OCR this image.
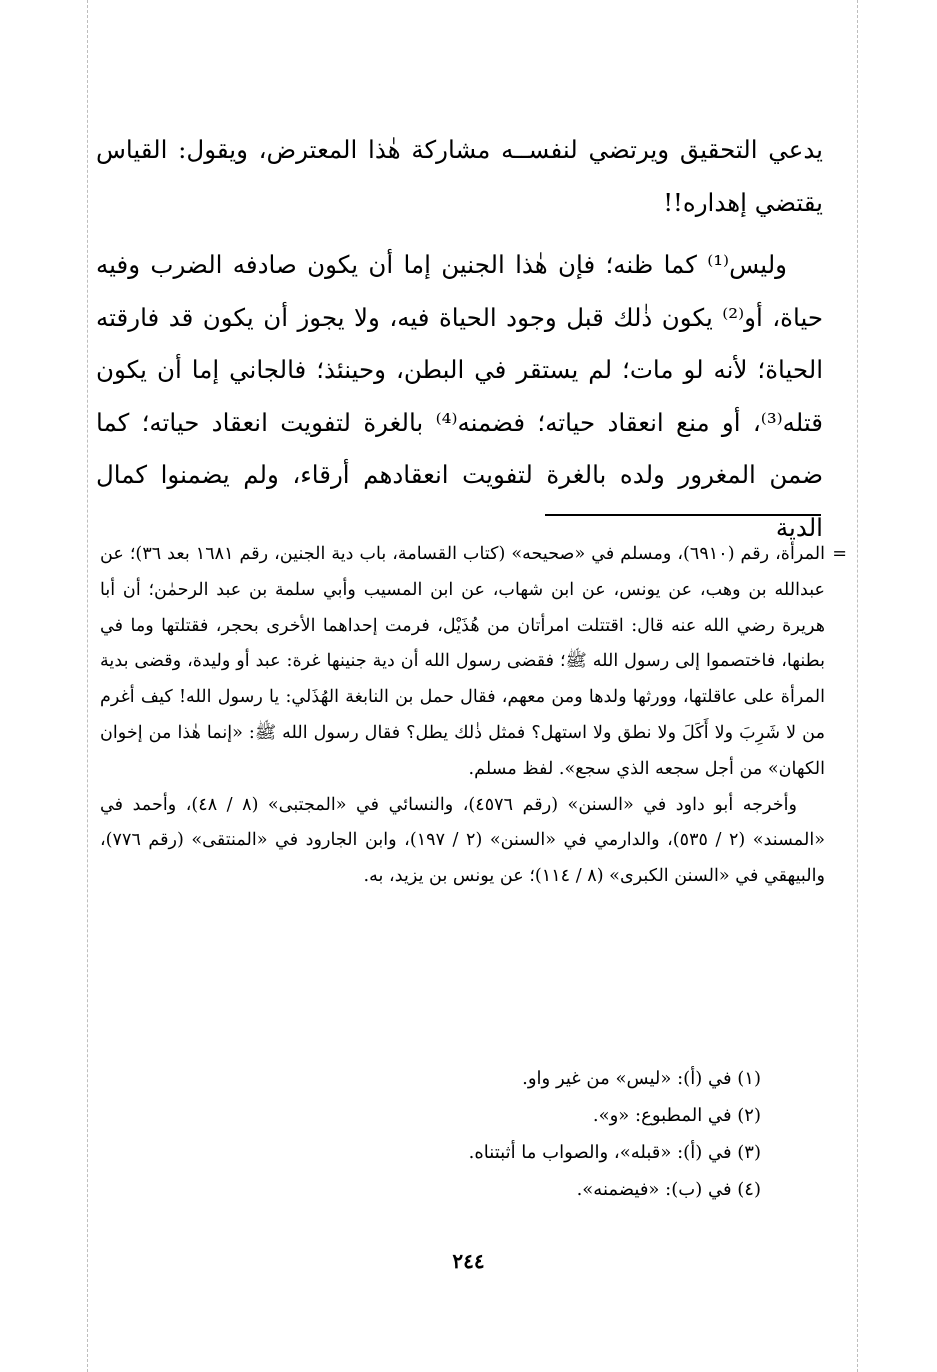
يدعي التحقيق ويرتضي لنفســه مشاركة هٰذا المعترض، ويقول: القياس يقتضي إهداره!!

وليس⁽¹⁾ كما ظنه؛ فإن هٰذا الجنين إما أن يكون صادفه الضرب وفيه حياة، أو⁽²⁾ يكون ذٰلك قبل وجود الحياة فيه، ولا يجوز أن يكون قد فارقته الحياة؛ لأنه لو مات؛ لم يستقر في البطن، وحينئذ؛ فالجاني إما أن يكون قتله⁽³⁾، أو منع انعقاد حياته؛ فضمنه⁽⁴⁾ بالغرة لتفويت انعقاد حياته؛ كما ضمن المغرور ولده بالغرة لتفويت انعقادهم أرقاء، ولم يضمنوا كمال الدية

=
المرأة، رقم (٦٩١٠)، ومسلم في «صحيحه» (كتاب القسامة، باب دية الجنين، رقم ١٦٨١ بعد ٣٦)؛ عن عبدالله بن وهب، عن يونس، عن ابن شهاب، عن ابن المسيب وأبي سلمة بن عبد الرحمٰن؛ أن أبا هريرة رضي الله عنه قال: اقتتلت امرأتان من هُذَيْل، فرمت إحداهما الأخرى بحجر، فقتلتها وما في بطنها، فاختصموا إلى رسول الله ﷺ؛ فقضى رسول الله أن دية جنينها غرة: عبد أو وليدة، وقضى بدية المرأة على عاقلتها، وورثها ولدها ومن معهم، فقال حمل بن النابغة الهُذَلي: يا رسول الله! كيف أغرم من لا شَرِبَ ولا أَكَلَ ولا نطق ولا استهل؟ فمثل ذٰلك يطل؟ فقال رسول الله ﷺ: «إنما هٰذا من إخوان الكهان» من أجل سجعه الذي سجع». لفظ مسلم.

وأخرجه أبو داود في «السنن» (رقم ٤٥٧٦)، والنسائي في «المجتبى» (٨ / ٤٨)، وأحمد في «المسند» (٢ / ٥٣٥)، والدارمي في «السنن» (٢ / ١٩٧)، وابن الجارود في «المنتقى» (رقم ٧٧٦)، والبيهقي في «السنن الكبرى» (٨ / ١١٤)؛ عن يونس بن يزيد، به.

(١) في (أ): «ليس» من غير واو.
(٢) في المطبوع: «و».
(٣) في (أ): «قبله»، والصواب ما أثبتناه.
(٤) في (ب): «فيضمنه».
٢٤٤
